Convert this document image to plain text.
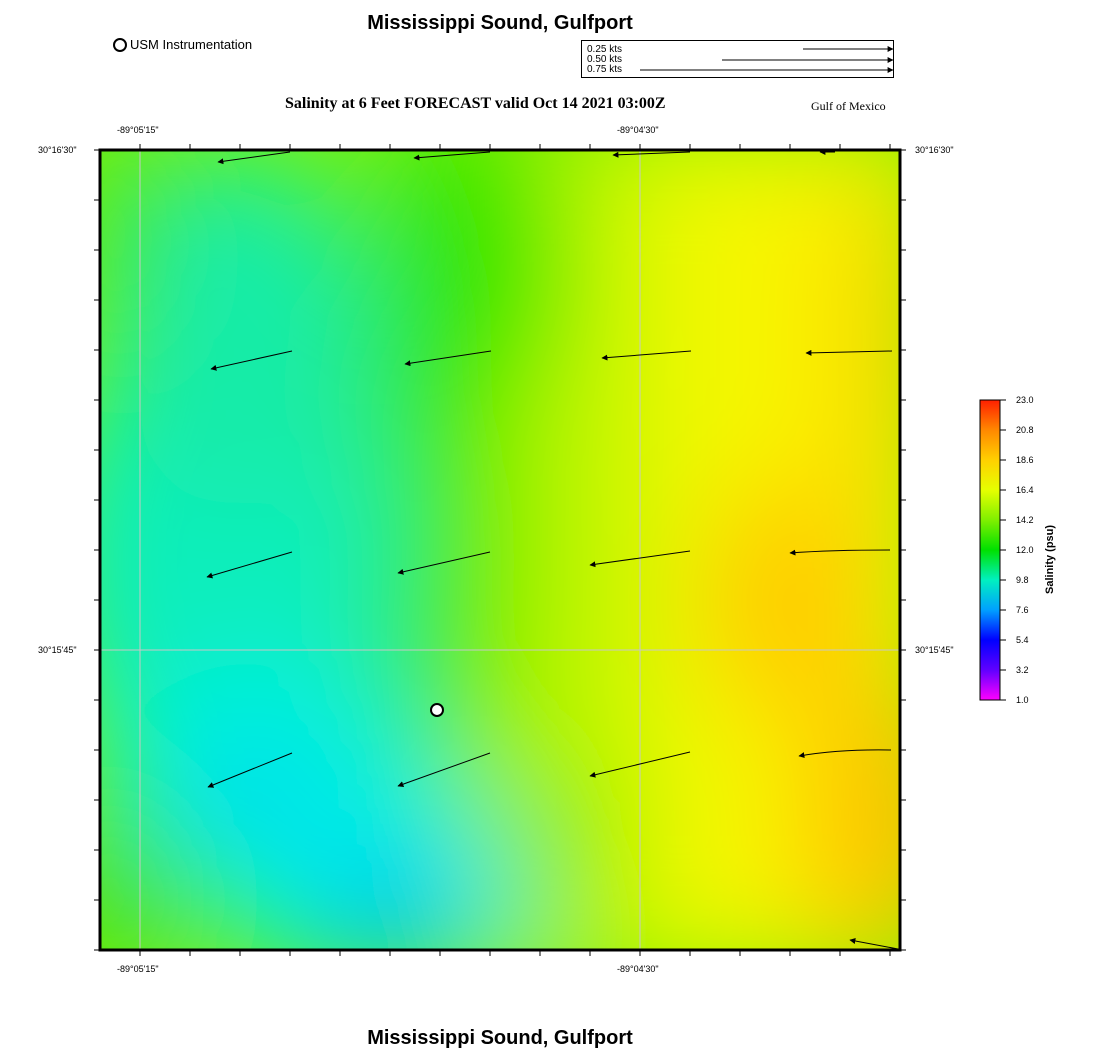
Mississippi Sound, Gulfport
USM Instrumentation	0.25 kts
0.50 kts
0.75 kts
Salinity at 6 Feet FORECAST valid Oct 14 2021 03:00Z	Gulf of Mexico
-89°05'15"	-89°04'30"
-89°05'15"	-89°04'30"
30°16'30"
30°15'45"
30°16'30"
30°15'45"
23.0
20.8
18.6
16.4
14.2
12.0
9.8
7.6
5.4
3.2
1.0
Salinity (psu)
Mississippi Sound, Gulfport
